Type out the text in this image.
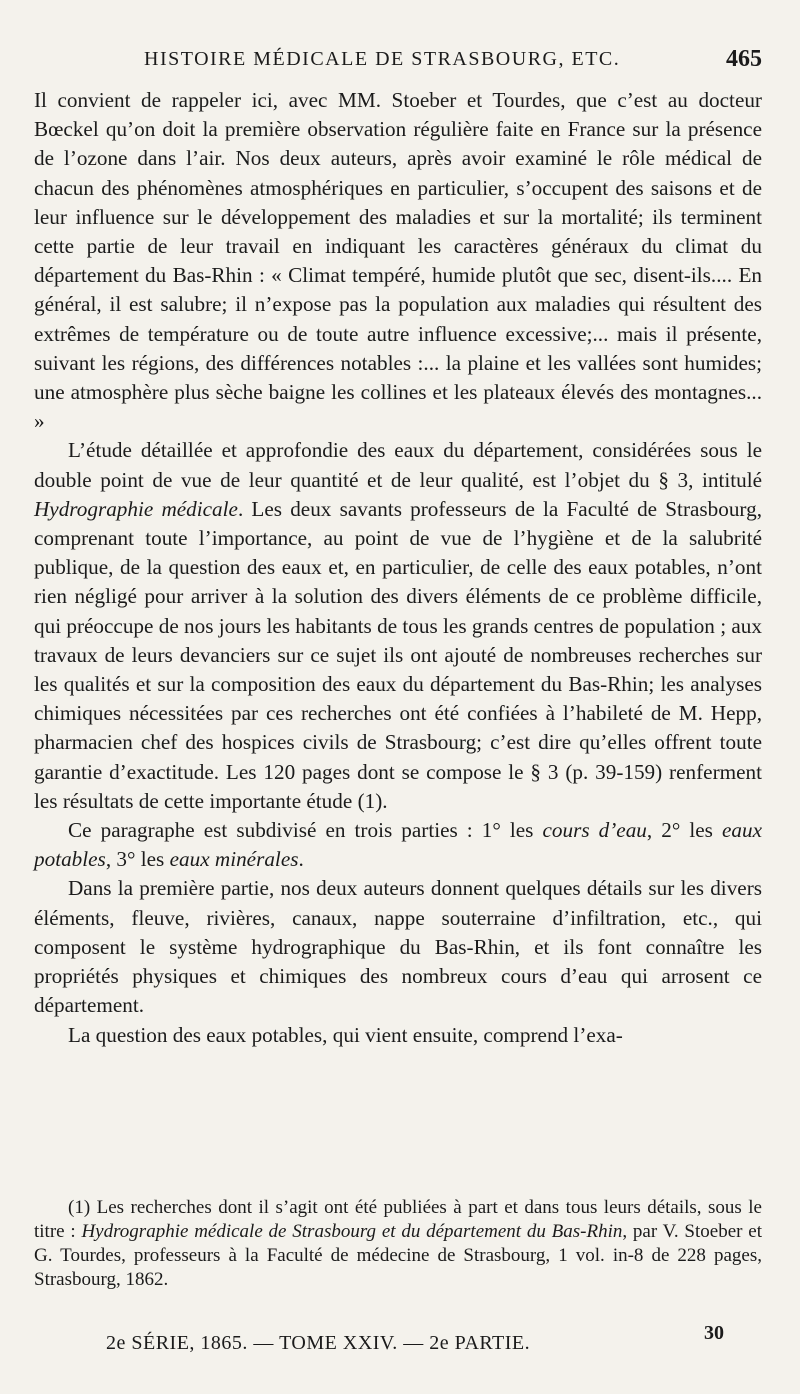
HISTOIRE MÉDICALE DE STRASBOURG, ETC.	465

Il convient de rappeler ici, avec MM. Stoeber et Tourdes, que c’est au docteur Bœckel qu’on doit la première observation régulière faite en France sur la présence de l’ozone dans l’air. Nos deux auteurs, après avoir examiné le rôle médical de chacun des phénomènes atmosphériques en particulier, s’occupent des saisons et de leur influence sur le développement des maladies et sur la mortalité; ils terminent cette partie de leur travail en indiquant les caractères généraux du climat du département du Bas-Rhin : « Climat tempéré, humide plutôt que sec, disent-ils.... En général, il est salubre; il n’expose pas la population aux maladies qui résultent des extrêmes de température ou de toute autre influence excessive;... mais il présente, suivant les régions, des différences notables :... la plaine et les vallées sont humides; une atmosphère plus sèche baigne les collines et les plateaux élevés des montagnes... »

L’étude détaillée et approfondie des eaux du département, considérées sous le double point de vue de leur quantité et de leur qualité, est l’objet du § 3, intitulé Hydrographie médicale. Les deux savants professeurs de la Faculté de Strasbourg, comprenant toute l’importance, au point de vue de l’hygiène et de la salubrité publique, de la question des eaux et, en particulier, de celle des eaux potables, n’ont rien négligé pour arriver à la solution des divers éléments de ce problème difficile, qui préoccupe de nos jours les habitants de tous les grands centres de population ; aux travaux de leurs devanciers sur ce sujet ils ont ajouté de nombreuses recherches sur les qualités et sur la composition des eaux du département du Bas-Rhin; les analyses chimiques nécessitées par ces recherches ont été confiées à l’habileté de M. Hepp, pharmacien chef des hospices civils de Strasbourg; c’est dire qu’elles offrent toute garantie d’exactitude. Les 120 pages dont se compose le § 3 (p. 39-159) renferment les résultats de cette importante étude (1).

Ce paragraphe est subdivisé en trois parties : 1° les cours d’eau, 2° les eaux potables, 3° les eaux minérales.

Dans la première partie, nos deux auteurs donnent quelques détails sur les divers éléments, fleuve, rivières, canaux, nappe souterraine d’infiltration, etc., qui composent le système hydrographique du Bas-Rhin, et ils font connaître les propriétés physiques et chimiques des nombreux cours d’eau qui arrosent ce département.

La question des eaux potables, qui vient ensuite, comprend l’exa-

(1) Les recherches dont il s’agit ont été publiées à part et dans tous leurs détails, sous le titre : Hydrographie médicale de Strasbourg et du département du Bas-Rhin, par V. Stoeber et G. Tourdes, professeurs à la Faculté de médecine de Strasbourg, 1 vol. in-8 de 228 pages, Strasbourg, 1862.

2e SÉRIE, 1865. — TOME XXIV. — 2e PARTIE.	30
